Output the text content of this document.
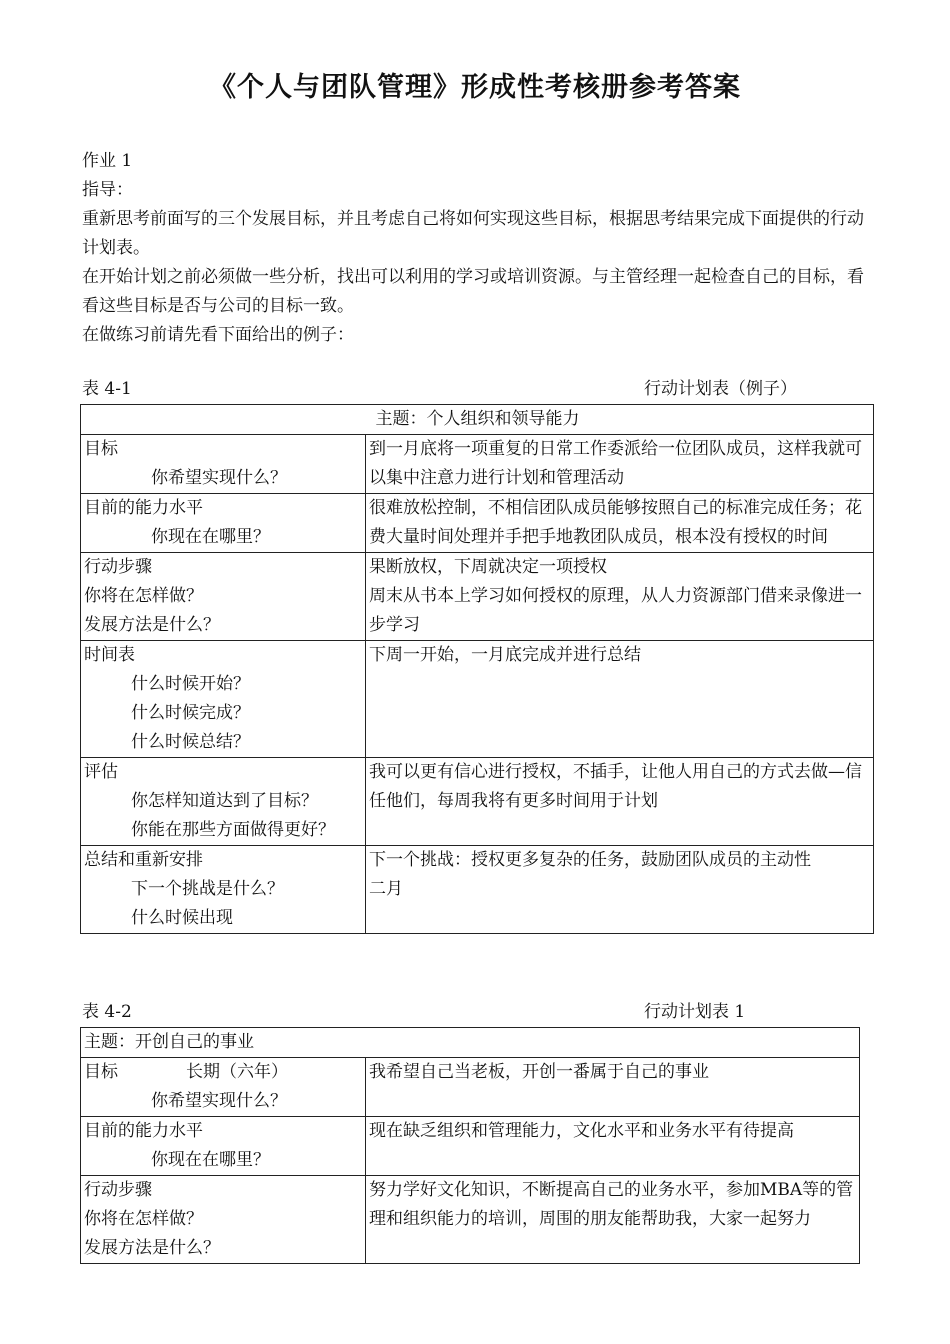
《个人与团队管理》形成性考核册参考答案

作业 1

指导：

重新思考前面写的三个发展目标，并且考虑自己将如何实现这些目标，根据思考结果完成下面提供的行动计划表。

在开始计划之前必须做一些分析，找出可以利用的学习或培训资源。与主管经理一起检查自己的目标，看看这些目标是否与公司的目标一致。

在做练习前请先看下面给出的例子：

表 4-1	行动计划表（例子）
主题：个人组织和领导能力	

目标
你希望实现什么？	到一月底将一项重复的日常工作委派给一位团队成员，这样我就可以集中注意力进行计划和管理活动

目前的能力水平
你现在在哪里？	很难放松控制，不相信团队成员能够按照自己的标准完成任务；花费大量时间处理并手把手地教团队成员，根本没有授权的时间

行动步骤
你将在怎样做？
发展方法是什么？	果断放权，下周就决定一项授权
周末从书本上学习如何授权的原理，从人力资源部门借来录像进一步学习

时间表
什么时候开始？
什么时候完成？
什么时候总结？	下周一开始，一月底完成并进行总结

评估
你怎样知道达到了目标？
你能在那些方面做得更好？	我可以更有信心进行授权，不插手，让他人用自己的方式去做—信任他们，每周我将有更多时间用于计划

总结和重新安排
下一个挑战是什么？
什么时候出现	下一个挑战：授权更多复杂的任务，鼓励团队成员的主动性
二月
表 4-2	行动计划表 1
主题：开创自己的事业	

目标 长期（六年）
你希望实现什么？	我希望自己当老板，开创一番属于自己的事业

目前的能力水平
你现在在哪里？	现在缺乏组织和管理能力，文化水平和业务水平有待提高

行动步骤
你将在怎样做？
发展方法是什么？	努力学好文化知识，不断提高自己的业务水平，参加MBA等的管理和组织能力的培训，周围的朋友能帮助我，大家一起努力
